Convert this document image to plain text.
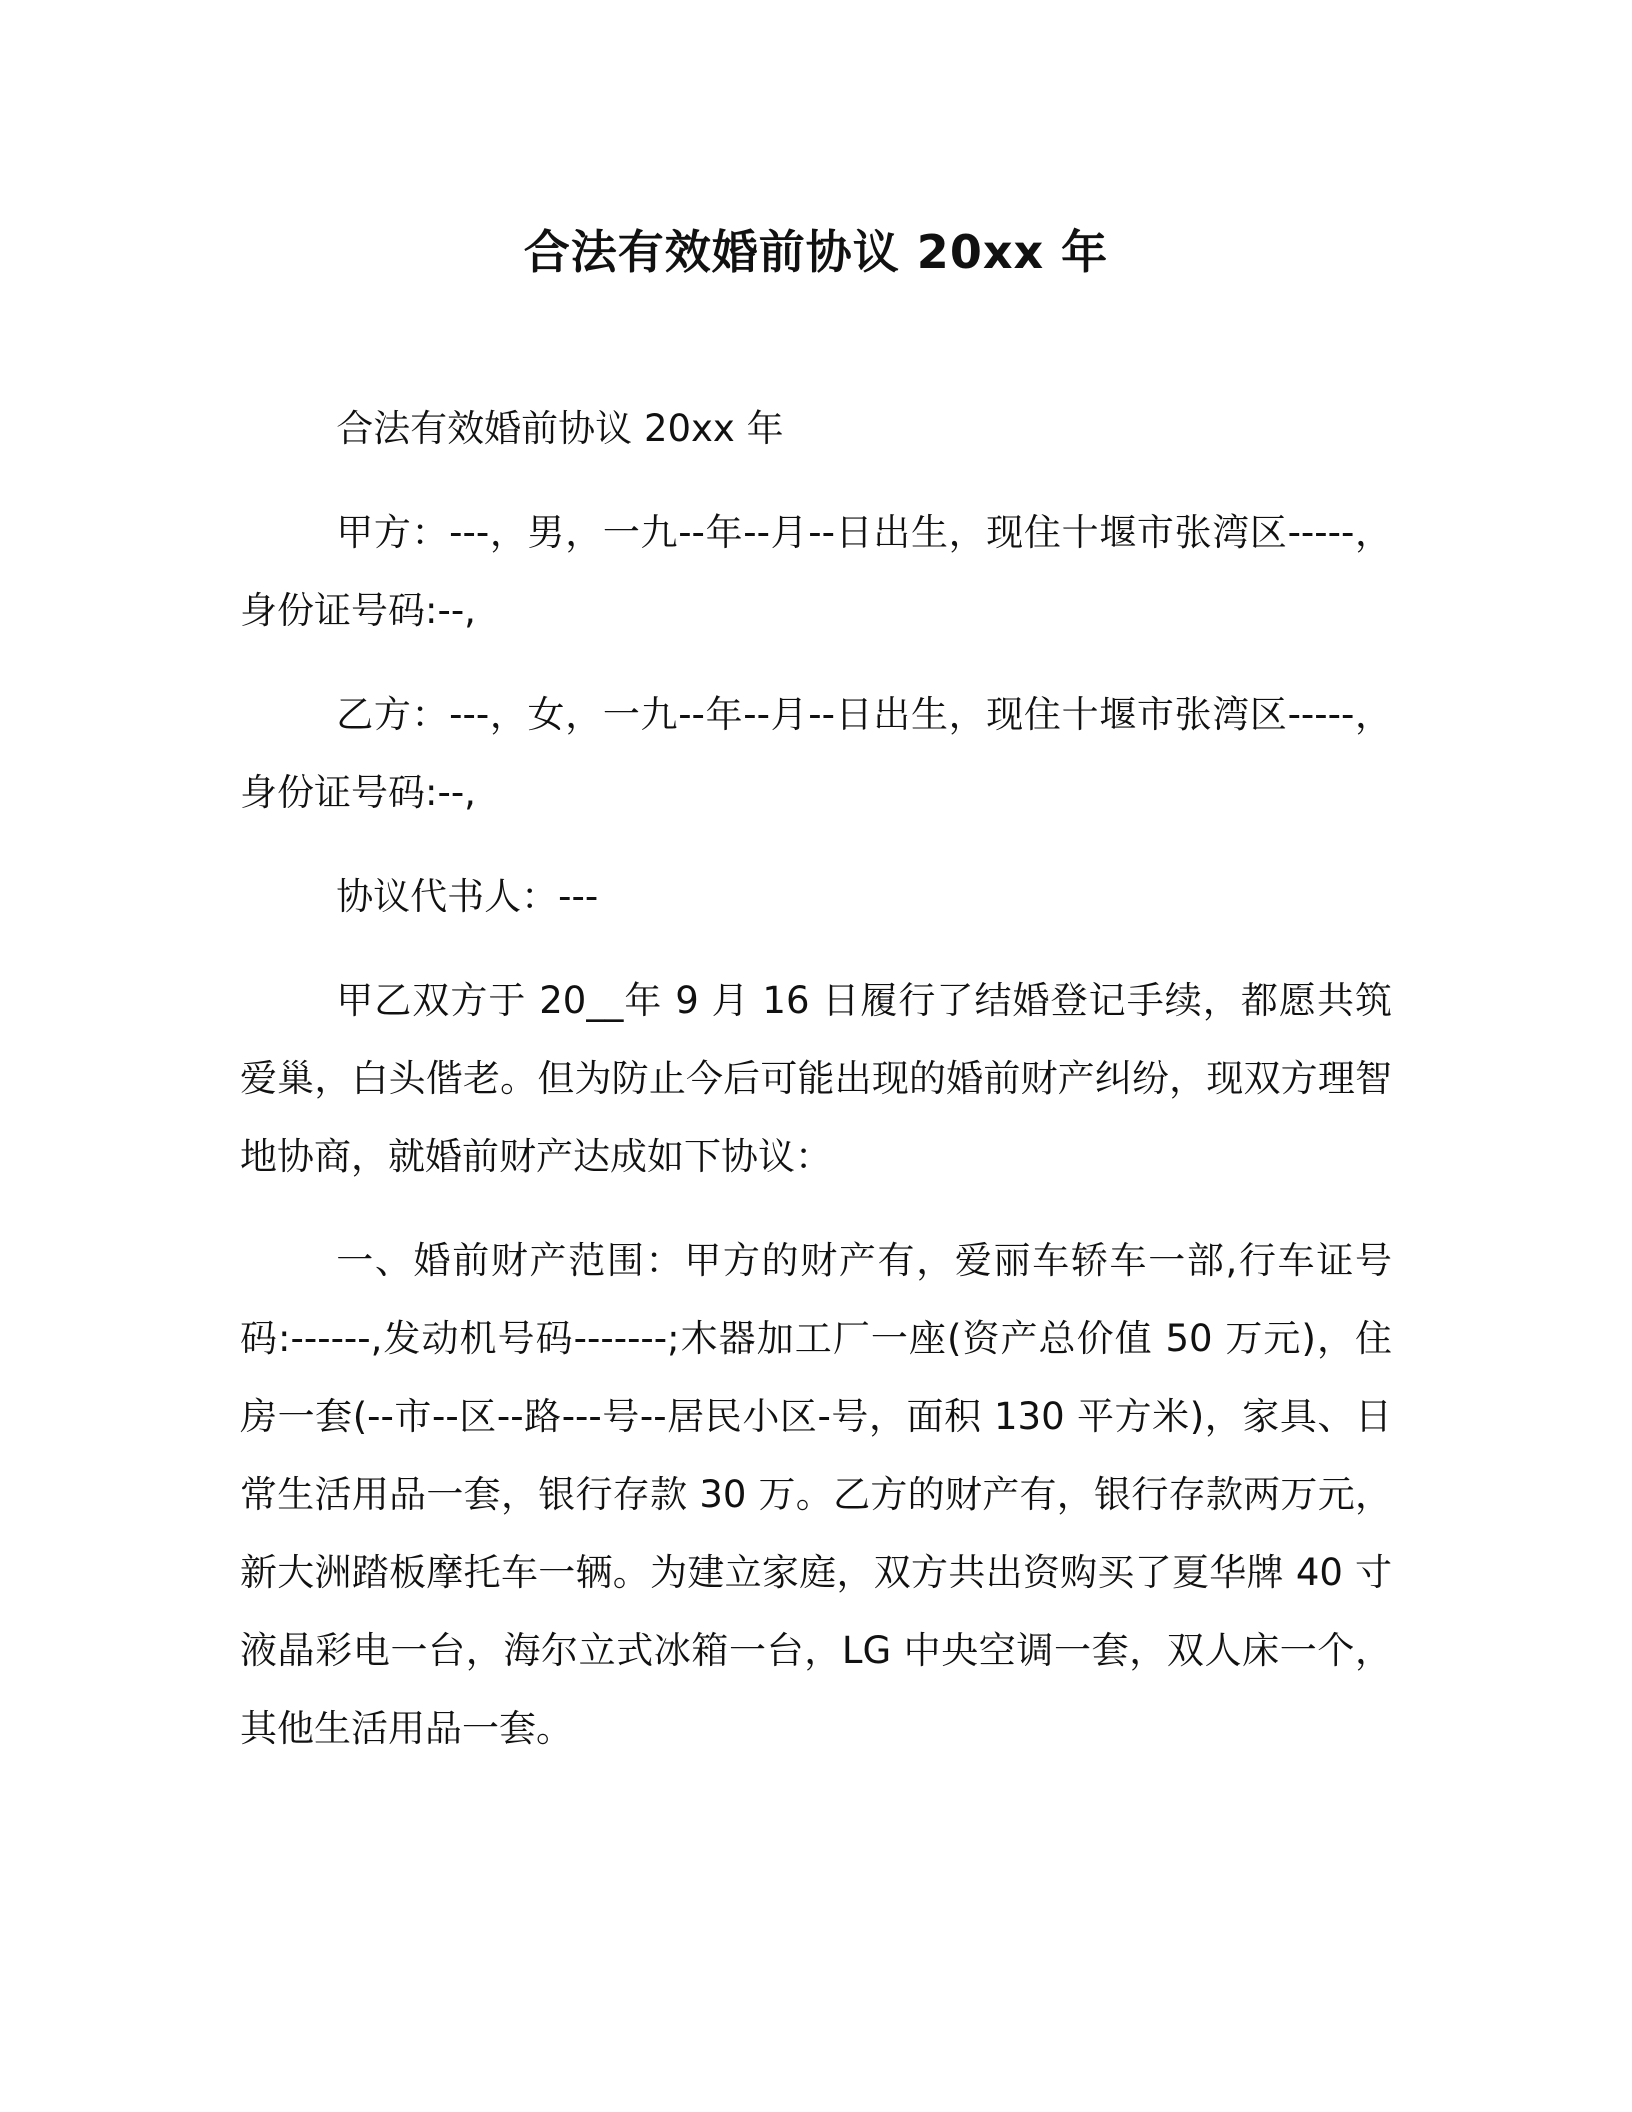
合法有效婚前协议 20xx 年

合法有效婚前协议 20xx 年

甲方：---，男，一九--年--月--日出生，现住十堰市张湾区-----，身份证号码:--,

乙方：---，女，一九--年--月--日出生，现住十堰市张湾区-----，身份证号码:--,

协议代书人：---

甲乙双方于 20__年 9 月 16 日履行了结婚登记手续，都愿共筑爱巢，白头偕老。但为防止今后可能出现的婚前财产纠纷，现双方理智地协商，就婚前财产达成如下协议：

一、婚前财产范围：甲方的财产有，爱丽车轿车一部,行车证号码:------,发动机号码-------;木器加工厂一座(资产总价值 50 万元)，住房一套(--市--区--路---号--居民小区-号，面积 130 平方米)，家具、日常生活用品一套，银行存款 30 万。乙方的财产有，银行存款两万元，新大洲踏板摩托车一辆。为建立家庭，双方共出资购买了夏华牌 40 寸液晶彩电一台，海尔立式冰箱一台，LG 中央空调一套，双人床一个，其他生活用品一套。
